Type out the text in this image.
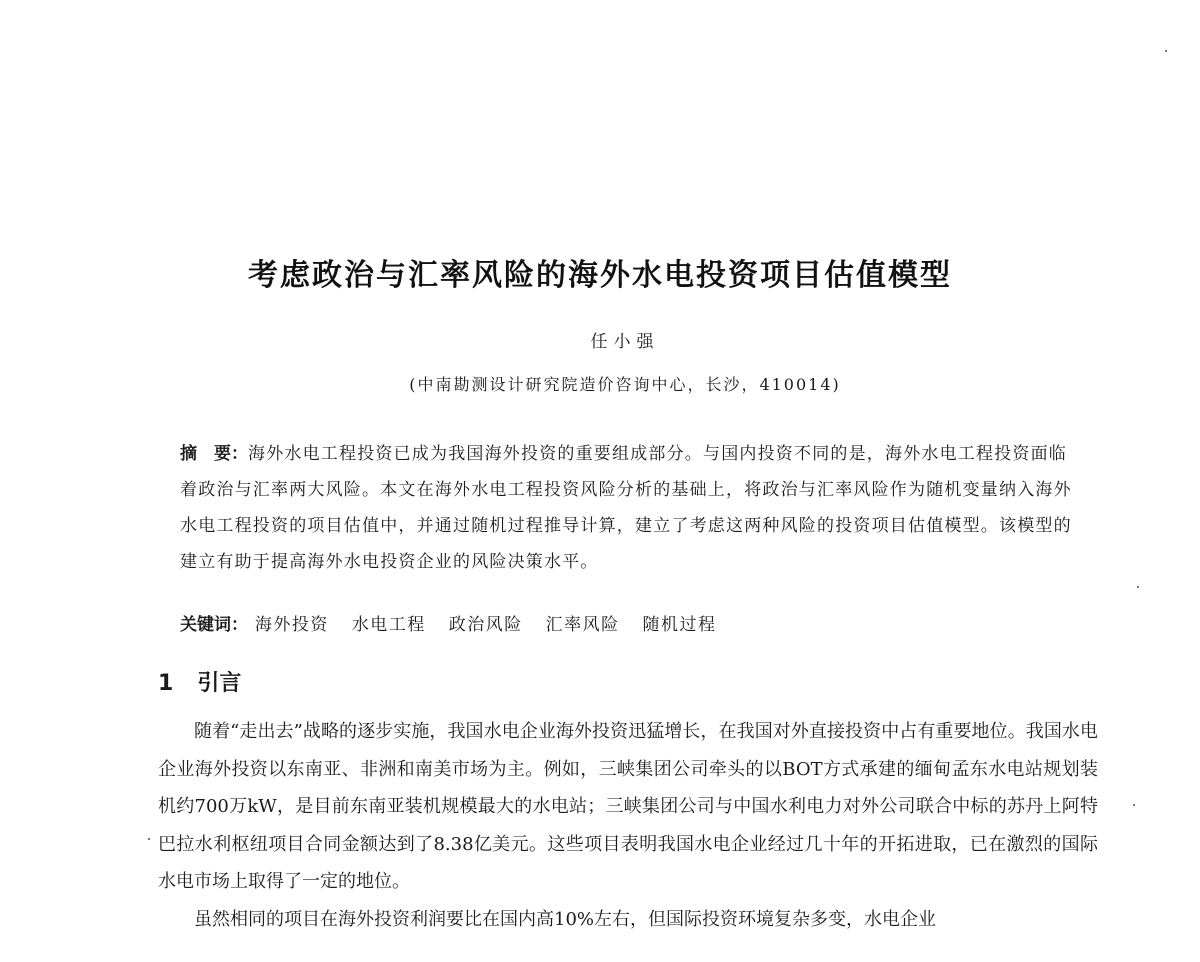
考虑政治与汇率风险的海外水电投资项目估值模型
任小强
(中南勘测设计研究院造价咨询中心，长沙，410014)
摘　要：海外水电工程投资已成为我国海外投资的重要组成部分。与国内投资不同的是，海外水电工程投资面临着政治与汇率两大风险。本文在海外水电工程投资风险分析的基础上，将政治与汇率风险作为随机变量纳入海外水电工程投资的项目估值中，并通过随机过程推导计算，建立了考虑这两种风险的投资项目估值模型。该模型的建立有助于提高海外水电投资企业的风险决策水平。
关键词： 海外投资 水电工程 政治风险 汇率风险 随机过程
1 引言

随着“走出去”战略的逐步实施，我国水电企业海外投资迅猛增长，在我国对外直接投资中占有重要地位。我国水电企业海外投资以东南亚、非洲和南美市场为主。例如，三峡集团公司牵头的以BOT方式承建的缅甸孟东水电站规划装机约700万kW，是目前东南亚装机规模最大的水电站；三峡集团公司与中国水利电力对外公司联合中标的苏丹上阿特巴拉水利枢纽项目合同金额达到了8.38亿美元。这些项目表明我国水电企业经过几十年的开拓进取，已在激烈的国际水电市场上取得了一定的地位。

虽然相同的项目在海外投资利润要比在国内高10%左右，但国际投资环境复杂多变，水电企业
